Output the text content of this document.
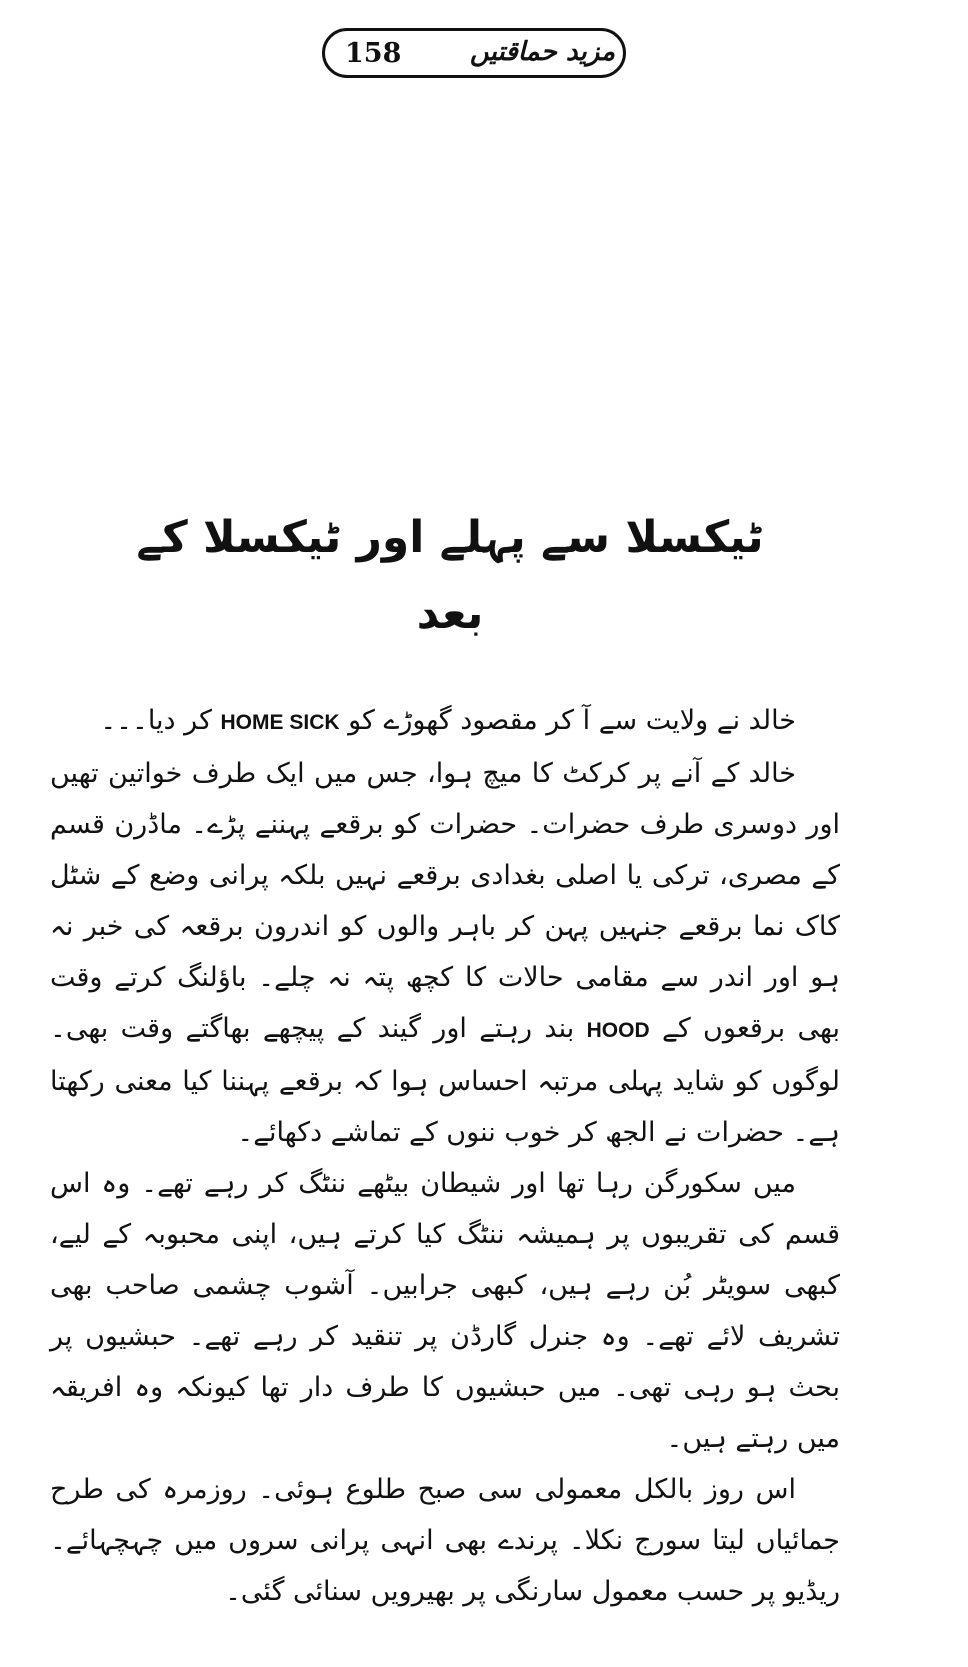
158	مزید حماقتیں
ٹیکسلا سے پہلے اور ٹیکسلا کے بعد

خالد نے ولایت سے آ کر مقصود گھوڑے کو HOME SICK کر دیا۔۔۔

خالد کے آنے پر کرکٹ کا میچ ہوا، جس میں ایک طرف خواتین تھیں اور دوسری طرف حضرات۔ حضرات کو برقعے پہننے پڑے۔ ماڈرن قسم کے مصری، ترکی یا اصلی بغدادی برقعے نہیں بلکہ پرانی وضع کے شٹل کاک نما برقعے جنہیں پہن کر باہر والوں کو اندرون برقعہ کی خبر نہ ہو اور اندر سے مقامی حالات کا کچھ پتہ نہ چلے۔ باؤلنگ کرتے وقت بھی برقعوں کے HOOD بند رہتے اور گیند کے پیچھے بھاگتے وقت بھی۔ لوگوں کو شاید پہلی مرتبہ احساس ہوا کہ برقعے پہننا کیا معنی رکھتا ہے۔ حضرات نے الجھ کر خوب ننوں کے تماشے دکھائے۔

میں سکورگن رہا تھا اور شیطان بیٹھے ننٹگ کر رہے تھے۔ وہ اس قسم کی تقریبوں پر ہمیشہ ننٹگ کیا کرتے ہیں، اپنی محبوبہ کے لیے، کبھی سویٹر بُن رہے ہیں، کبھی جرابیں۔ آشوب چشمی صاحب بھی تشریف لائے تھے۔ وہ جنرل گارڈن پر تنقید کر رہے تھے۔ حبشیوں پر بحث ہو رہی تھی۔ میں حبشیوں کا طرف دار تھا کیونکہ وہ افریقہ میں رہتے ہیں۔

اس روز بالکل معمولی سی صبح طلوع ہوئی۔ روزمرہ کی طرح جمائیاں لیتا سورج نکلا۔ پرندے بھی انہی پرانی سروں میں چہچہائے۔ ریڈیو پر حسب معمول سارنگی پر بھیرویں سنائی گئی۔
